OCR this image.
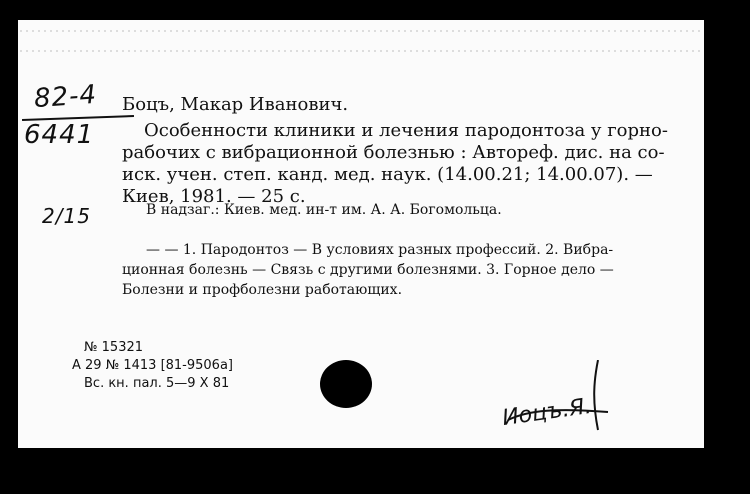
82-4
6441
2/15
Боцъ, Макар Иванович.
Особенности клиники и лечения пародонтоза у горно-
рабочих с вибрационной болезнью : Автореф. дис. на со-
иск. учен. степ. канд. мед. наук. (14.00.21; 14.00.07). —
Киев, 1981. — 25 с.
В надзаг.: Киев. мед. ин-т им. А. А. Богомольца.
— — 1. Пародонтоз — В условиях разных профессий. 2. Вибра-
ционная болезнь — Связь с другими болезнями. 3. Горное дело —
Болезни и профболезни работающих.
№ 15321
А 29 № 1413 [81-9506а]
Вс. кн. пал. 5—9 X 81
Иоцъ.Я.
